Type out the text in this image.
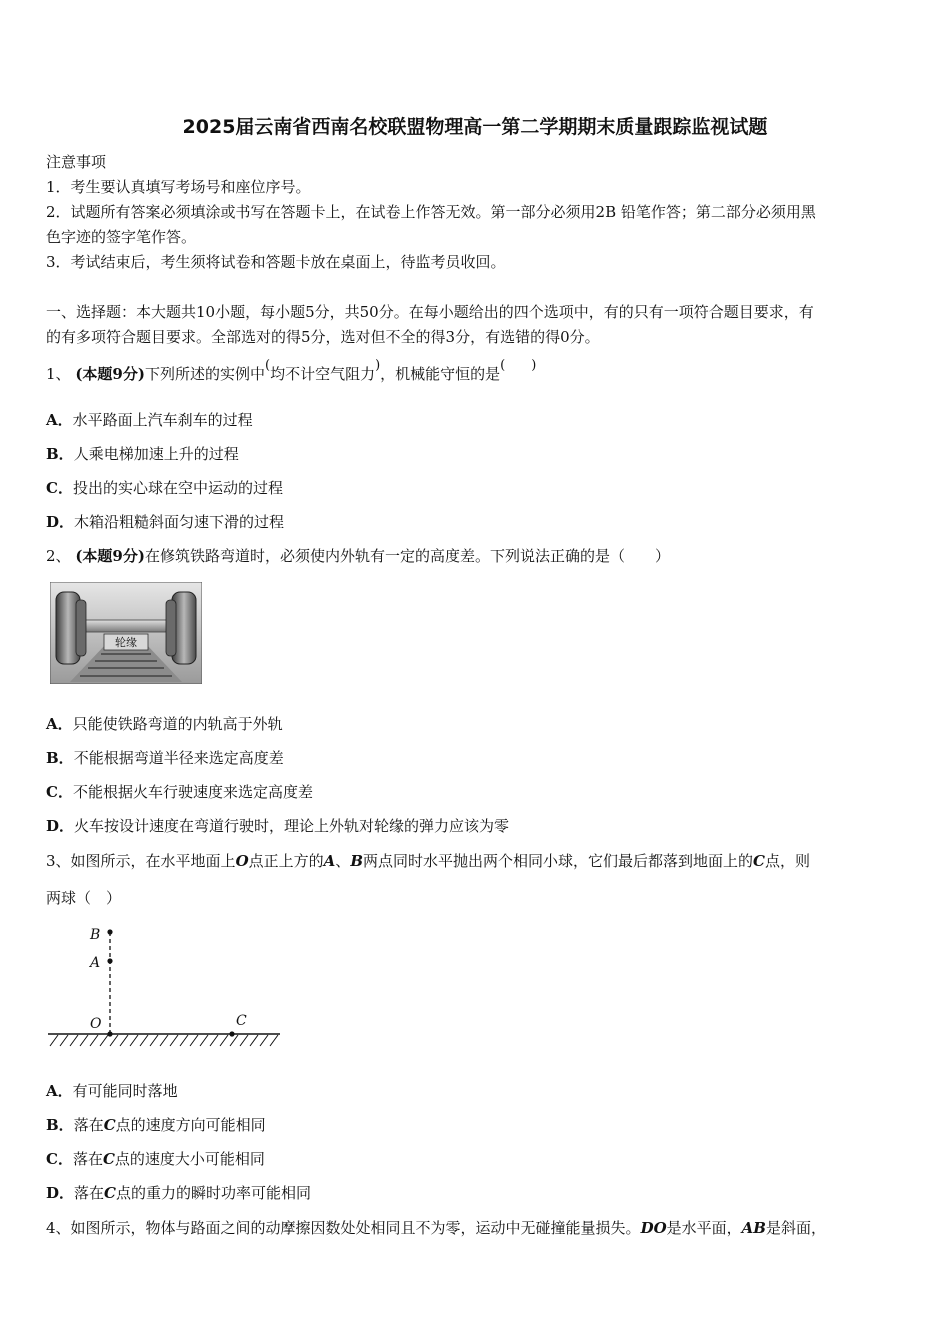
2025届云南省西南名校联盟物理高一第二学期期末质量跟踪监视试题
注意事项
1．考生要认真填写考场号和座位序号。
2．试题所有答案必须填涂或书写在答题卡上，在试卷上作答无效。第一部分必须用2B 铅笔作答；第二部分必须用黑
色字迹的签字笔作答。
3．考试结束后，考生须将试卷和答题卡放在桌面上，待监考员收回。
一、选择题：本大题共10小题，每小题5分，共50分。在每小题给出的四个选项中，有的只有一项符合题目要求，有
的有多项符合题目要求。全部选对的得5分，选对但不全的得3分，有选错的得0分。
1、 (本题9分)下列所述的实例中(均不计空气阻力)，机械能守恒的是(　　)
A．水平路面上汽车刹车的过程
B．人乘电梯加速上升的过程
C．投出的实心球在空中运动的过程
D．木箱沿粗糙斜面匀速下滑的过程
2、 (本题9分)在修筑铁路弯道时，必须使内外轨有一定的高度差。下列说法正确的是（　　）
轮缘
A．只能使铁路弯道的内轨高于外轨
B．不能根据弯道半径来选定高度差
C．不能根据火车行驶速度来选定高度差
D．火车按设计速度在弯道行驶时，理论上外轨对轮缘的弹力应该为零
3、如图所示，在水平地面上O点正上方的A、B两点同时水平抛出两个相同小球，它们最后都落到地面上的C点，则
两球（　）
B
A
O	C
A．有可能同时落地
B．落在C点的速度方向可能相同
C．落在C点的速度大小可能相同
D．落在C点的重力的瞬时功率可能相同
4、如图所示，物体与路面之间的动摩擦因数处处相同且不为零，运动中无碰撞能量损失。DO是水平面，AB是斜面，
